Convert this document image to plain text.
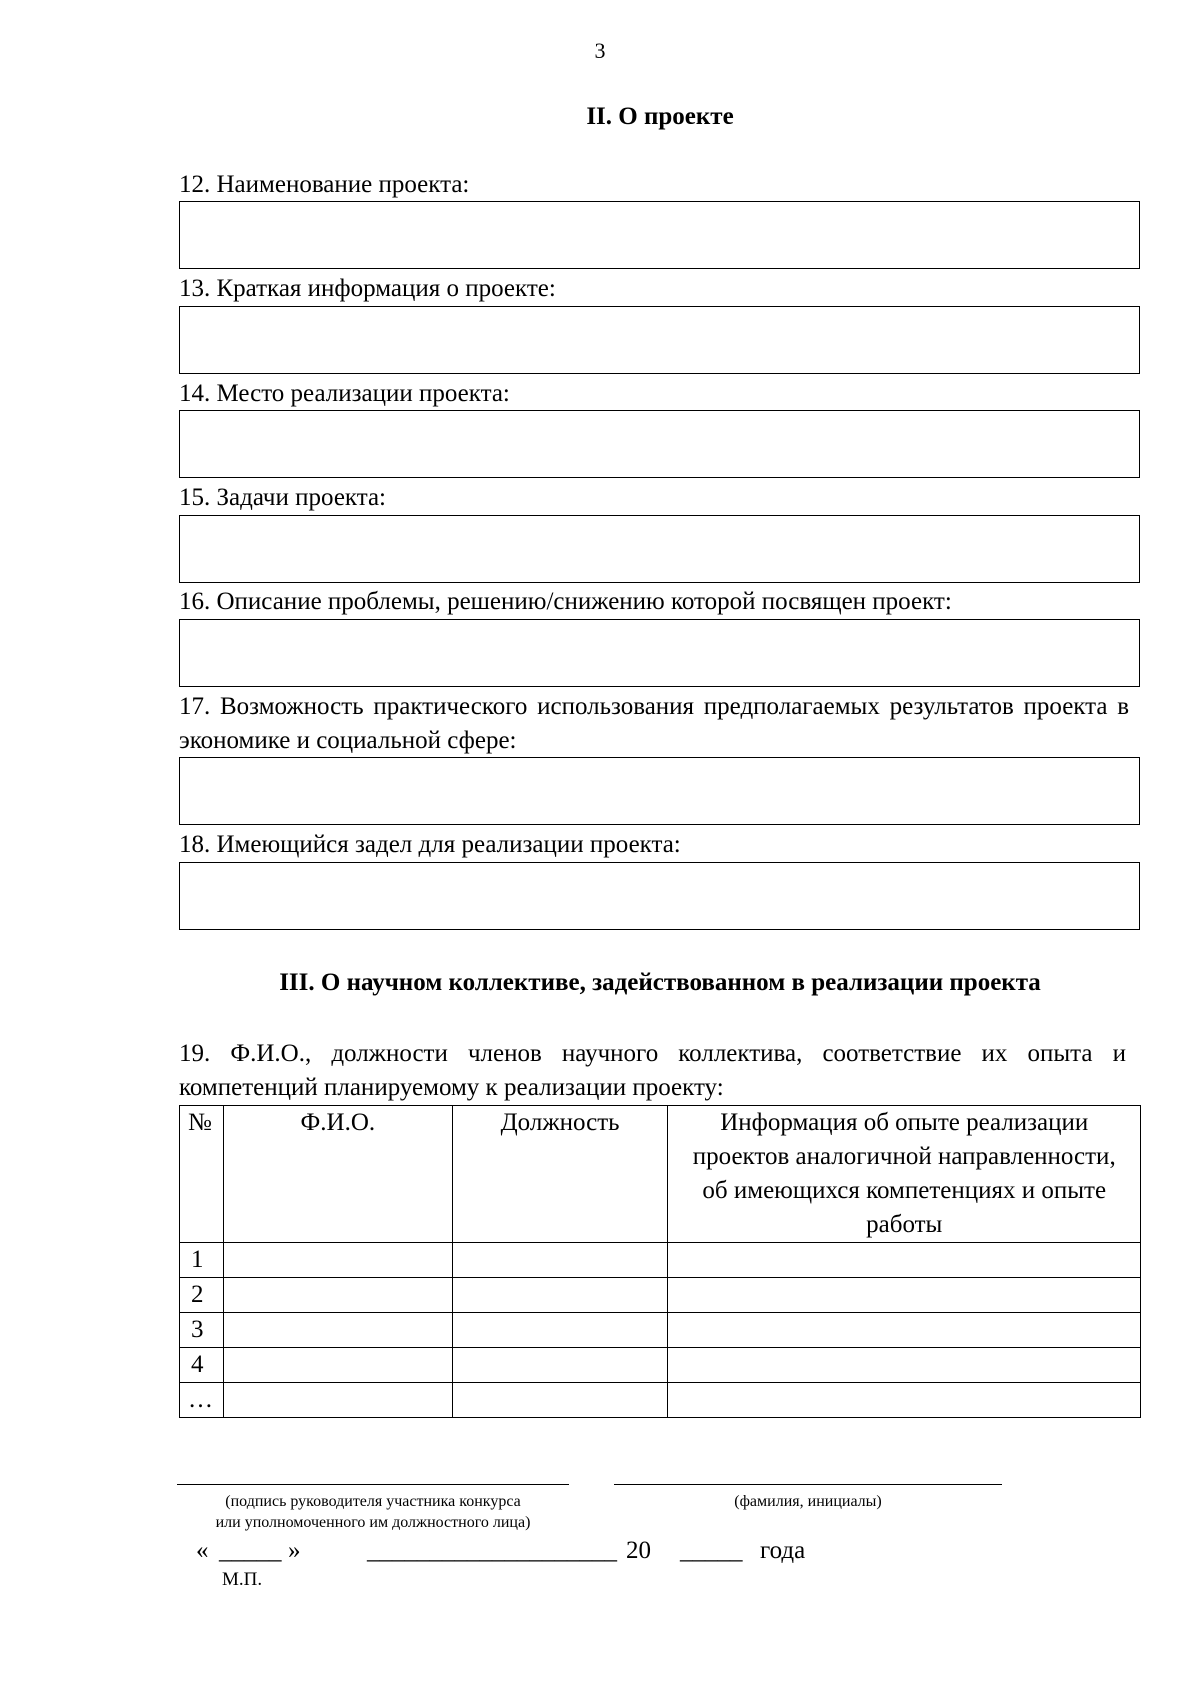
3
II. О проекте
12. Наименование проекта:
13. Краткая информация о проекте:
14. Место реализации проекта:
15. Задачи проекта:
16. Описание проблемы, решению/снижению которой посвящен проект:
17. Возможность практического использования предполагаемых результатов проекта в экономике и социальной сфере:
18. Имеющийся задел для реализации проекта:
III. О научном коллективе, задействованном в реализации проекта
19. Ф.И.О., должности членов научного коллектива, соответствие их опыта и компетенций планируемому к реализации проекту:
№	Ф.И.О.	Должность	Информация об опыте реализации проектов аналогичной направленности, об имеющихся компетенциях и опыте работы
1			
2			
3			
4			
…			
(подпись руководителя участника конкурса
или уполномоченного им должностного лица)
(фамилия, инициалы)
« _____ »	____________________ 20 _____ года
М.П.
